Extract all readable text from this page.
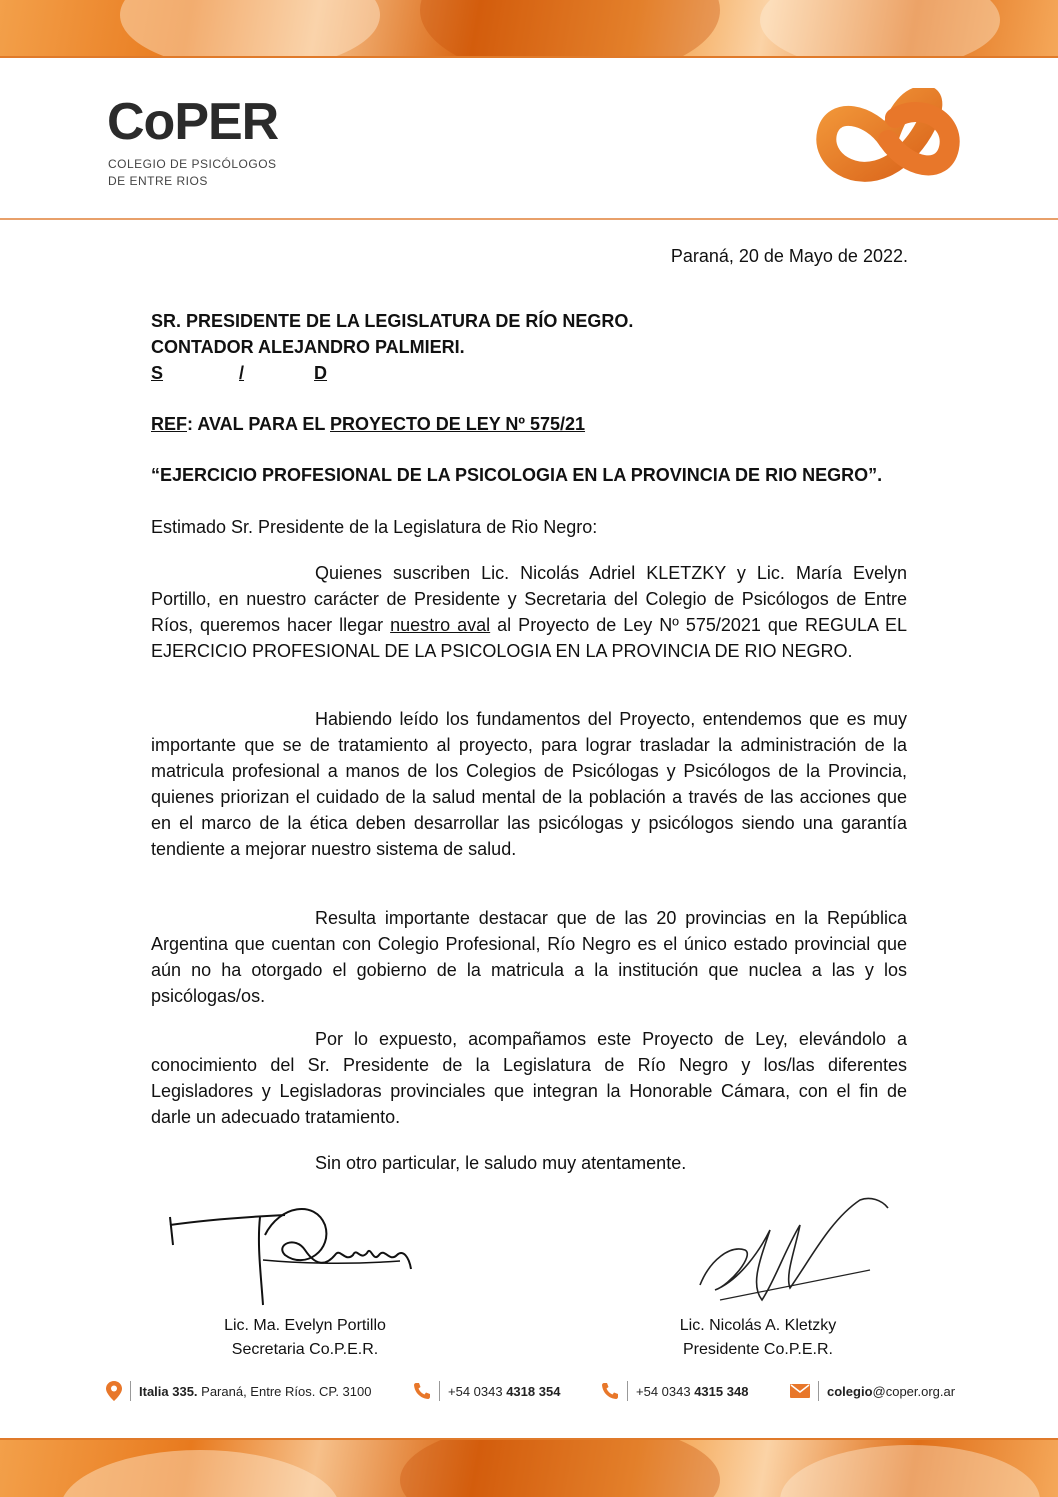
CoPER
COLEGIO DE PSICÓLOGOS
DE ENTRE RIOS
Paraná, 20 de Mayo de 2022.
SR. PRESIDENTE DE LA LEGISLATURA DE RÍO NEGRO.
CONTADOR ALEJANDRO PALMIERI.
S	/	D
REF: AVAL PARA EL PROYECTO DE LEY Nº 575/21
“EJERCICIO PROFESIONAL DE LA PSICOLOGIA EN LA PROVINCIA DE RIO NEGRO”.
Estimado Sr. Presidente de la Legislatura de Rio Negro:
Quienes suscriben Lic. Nicolás Adriel KLETZKY y Lic. María Evelyn Portillo, en nuestro carácter de Presidente y Secretaria del Colegio de Psicólogos de Entre Ríos, queremos hacer llegar nuestro aval al Proyecto de Ley Nº 575/2021 que REGULA EL EJERCICIO PROFESIONAL DE LA PSICOLOGIA EN LA PROVINCIA DE RIO NEGRO.
Habiendo leído los fundamentos del Proyecto, entendemos que es muy importante que se de tratamiento al proyecto, para lograr trasladar la administración de la matricula profesional a manos de los Colegios de Psicólogas y Psicólogos de la Provincia, quienes priorizan el cuidado de la salud mental de la población a través de las acciones que en el marco de la ética deben desarrollar las psicólogas y psicólogos siendo una garantía tendiente a mejorar nuestro sistema de salud.
Resulta importante destacar que de las 20 provincias en la República Argentina que cuentan con Colegio Profesional, Río Negro es el único estado provincial que aún no ha otorgado el gobierno de la matricula a la institución que nuclea a las y los psicólogas/os.
Por lo expuesto, acompañamos este Proyecto de Ley, elevándolo a conocimiento del Sr. Presidente de la Legislatura de Río Negro y los/las diferentes Legisladores y Legisladoras provinciales que integran la Honorable Cámara, con el fin de darle un adecuado tratamiento.
Sin otro particular, le saludo muy atentamente.
Lic. Ma. Evelyn Portillo
Secretaria Co.P.E.R.
Lic. Nicolás A. Kletzky
Presidente Co.P.E.R.
Italia 335. Paraná, Entre Ríos. CP. 3100	+54 0343 4318 354	+54 0343 4315 348	colegio @coper.org.ar
